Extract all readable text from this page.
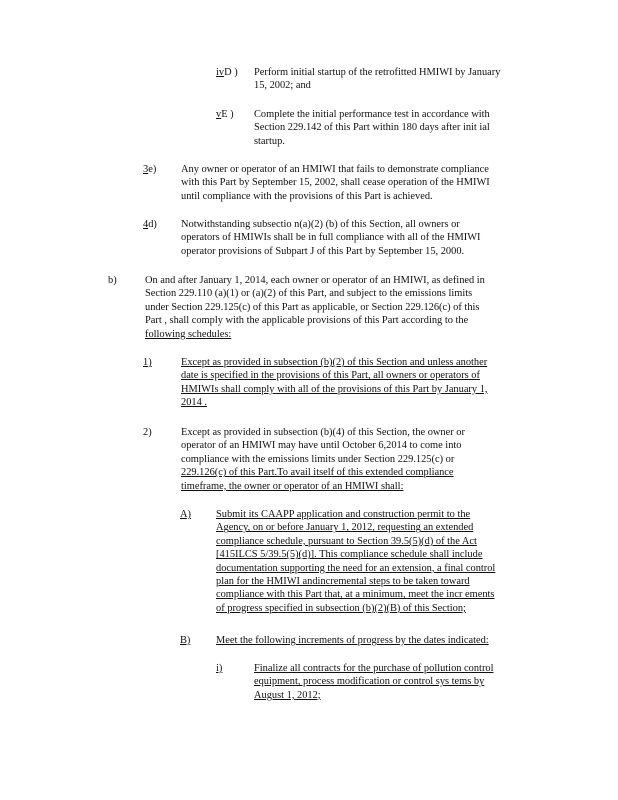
ivD ) Perform initial startup of the retrofitted HMIWI by January
15, 2002; and
vE ) Complete the initial performance test in accordance with
Section 229.142 of this Part within 180 days after init ial
startup.
3e) Any owner or operator of an HMIWI that fails to demonstrate compliance
with this Part by September 15, 2002, shall cease operation of the HMIWI
until compliance with the provisions of this Part is achieved.
4d) Notwithstanding subsectio n(a)(2) (b) of this Section, all owners or
operators of HMIWIs shall be in full compliance with all of the HMIWI
operator provisions of Subpart J of this Part by September 15, 2000.
b)	On and after January 1, 2014, each owner or operator of an HMIWI, as defined in
Section 229.110 (a)(1) or (a)(2) of this Part, and subject to the emissions limits
under Section 229.125(c) of this Part as applicable, or Section 229.126(c) of this
Part , shall comply with the applicable provisions of this Part according to the
following schedules:
1)	Except as provided in subsection (b)(2) of this Section and unless another
date is specified in the provisions of this Part, all owners or operators of
HMIWIs shall comply with all of the provisions of this Part by January 1,
2014 .
2)	Except as provided in subsection (b)(4) of this Section, the owner or
operator of an HMIWI may have until October 6,2014 to come into
compliance with the emissions limits under Section 229.125(c) or
229.126(c) of this Part.To avail itself of this extended compliance
timeframe, the owner or operator of an HMIWI shall:
A) Submit its CAAPP application and construction permit to the
Agency, on or before January 1, 2012, requesting an extended
compliance schedule, pursuant to Section 39.5(5)(d) of the Act
[415ILCS 5/39.5(5)(d)]. This compliance schedule shall include
documentation supporting the need for an extension, a final control
plan for the HMIWI andincremental steps to be taken toward
compliance with this Part that, at a minimum, meet the incr ements
of progress specified in subsection (b)(2)(B) of this Section;
B) Meet the following increments of progress by the dates indicated:
i)	Finalize all contracts for the purchase of pollution control
equipment, process modification or control sys tems by
August 1, 2012;
